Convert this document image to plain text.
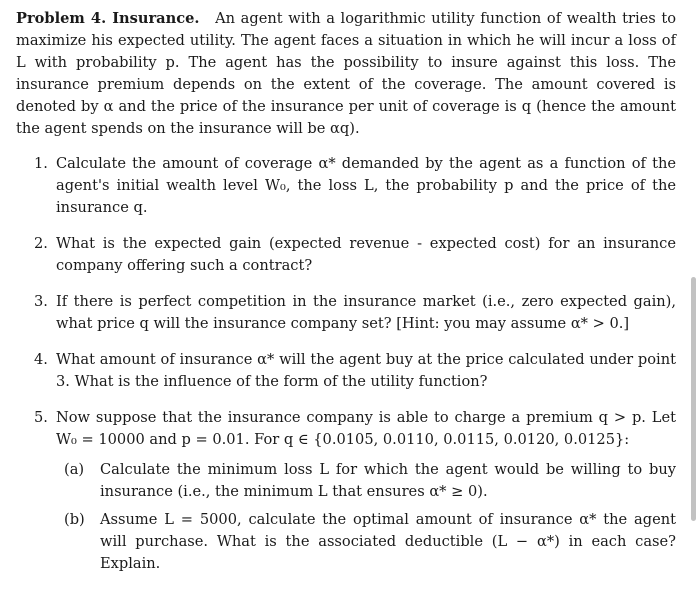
Problem 4. Insurance. An agent with a logarithmic utility function of wealth tries to maximize his expected utility. The agent faces a situation in which he will incur a loss of L with probability p. The agent has the possibility to insure against this loss. The insurance premium depends on the extent of the coverage. The amount covered is denoted by α and the price of the insurance per unit of coverage is q (hence the amount the agent spends on the insurance will be αq).

1. Calculate the amount of coverage α* demanded by the agent as a function of the agent's initial wealth level W₀, the loss L, the probability p and the price of the insurance q.
2. What is the expected gain (expected revenue - expected cost) for an insurance company offering such a contract?
3. If there is perfect competition in the insurance market (i.e., zero expected gain), what price q will the insurance company set? [Hint: you may assume α* > 0.]
4. What amount of insurance α* will the agent buy at the price calculated under point 3. What is the influence of the form of the utility function?
5. Now suppose that the insurance company is able to charge a premium q > p. Let W₀ = 10000 and p = 0.01. For q ∈ {0.0105, 0.0110, 0.0115, 0.0120, 0.0125}:
(a)	Calculate the minimum loss L for which the agent would be willing to buy insurance (i.e., the minimum L that ensures α* ≥ 0).
(b)	Assume L = 5000, calculate the optimal amount of insurance α* the agent will purchase. What is the associated deductible (L − α*) in each case? Explain.
